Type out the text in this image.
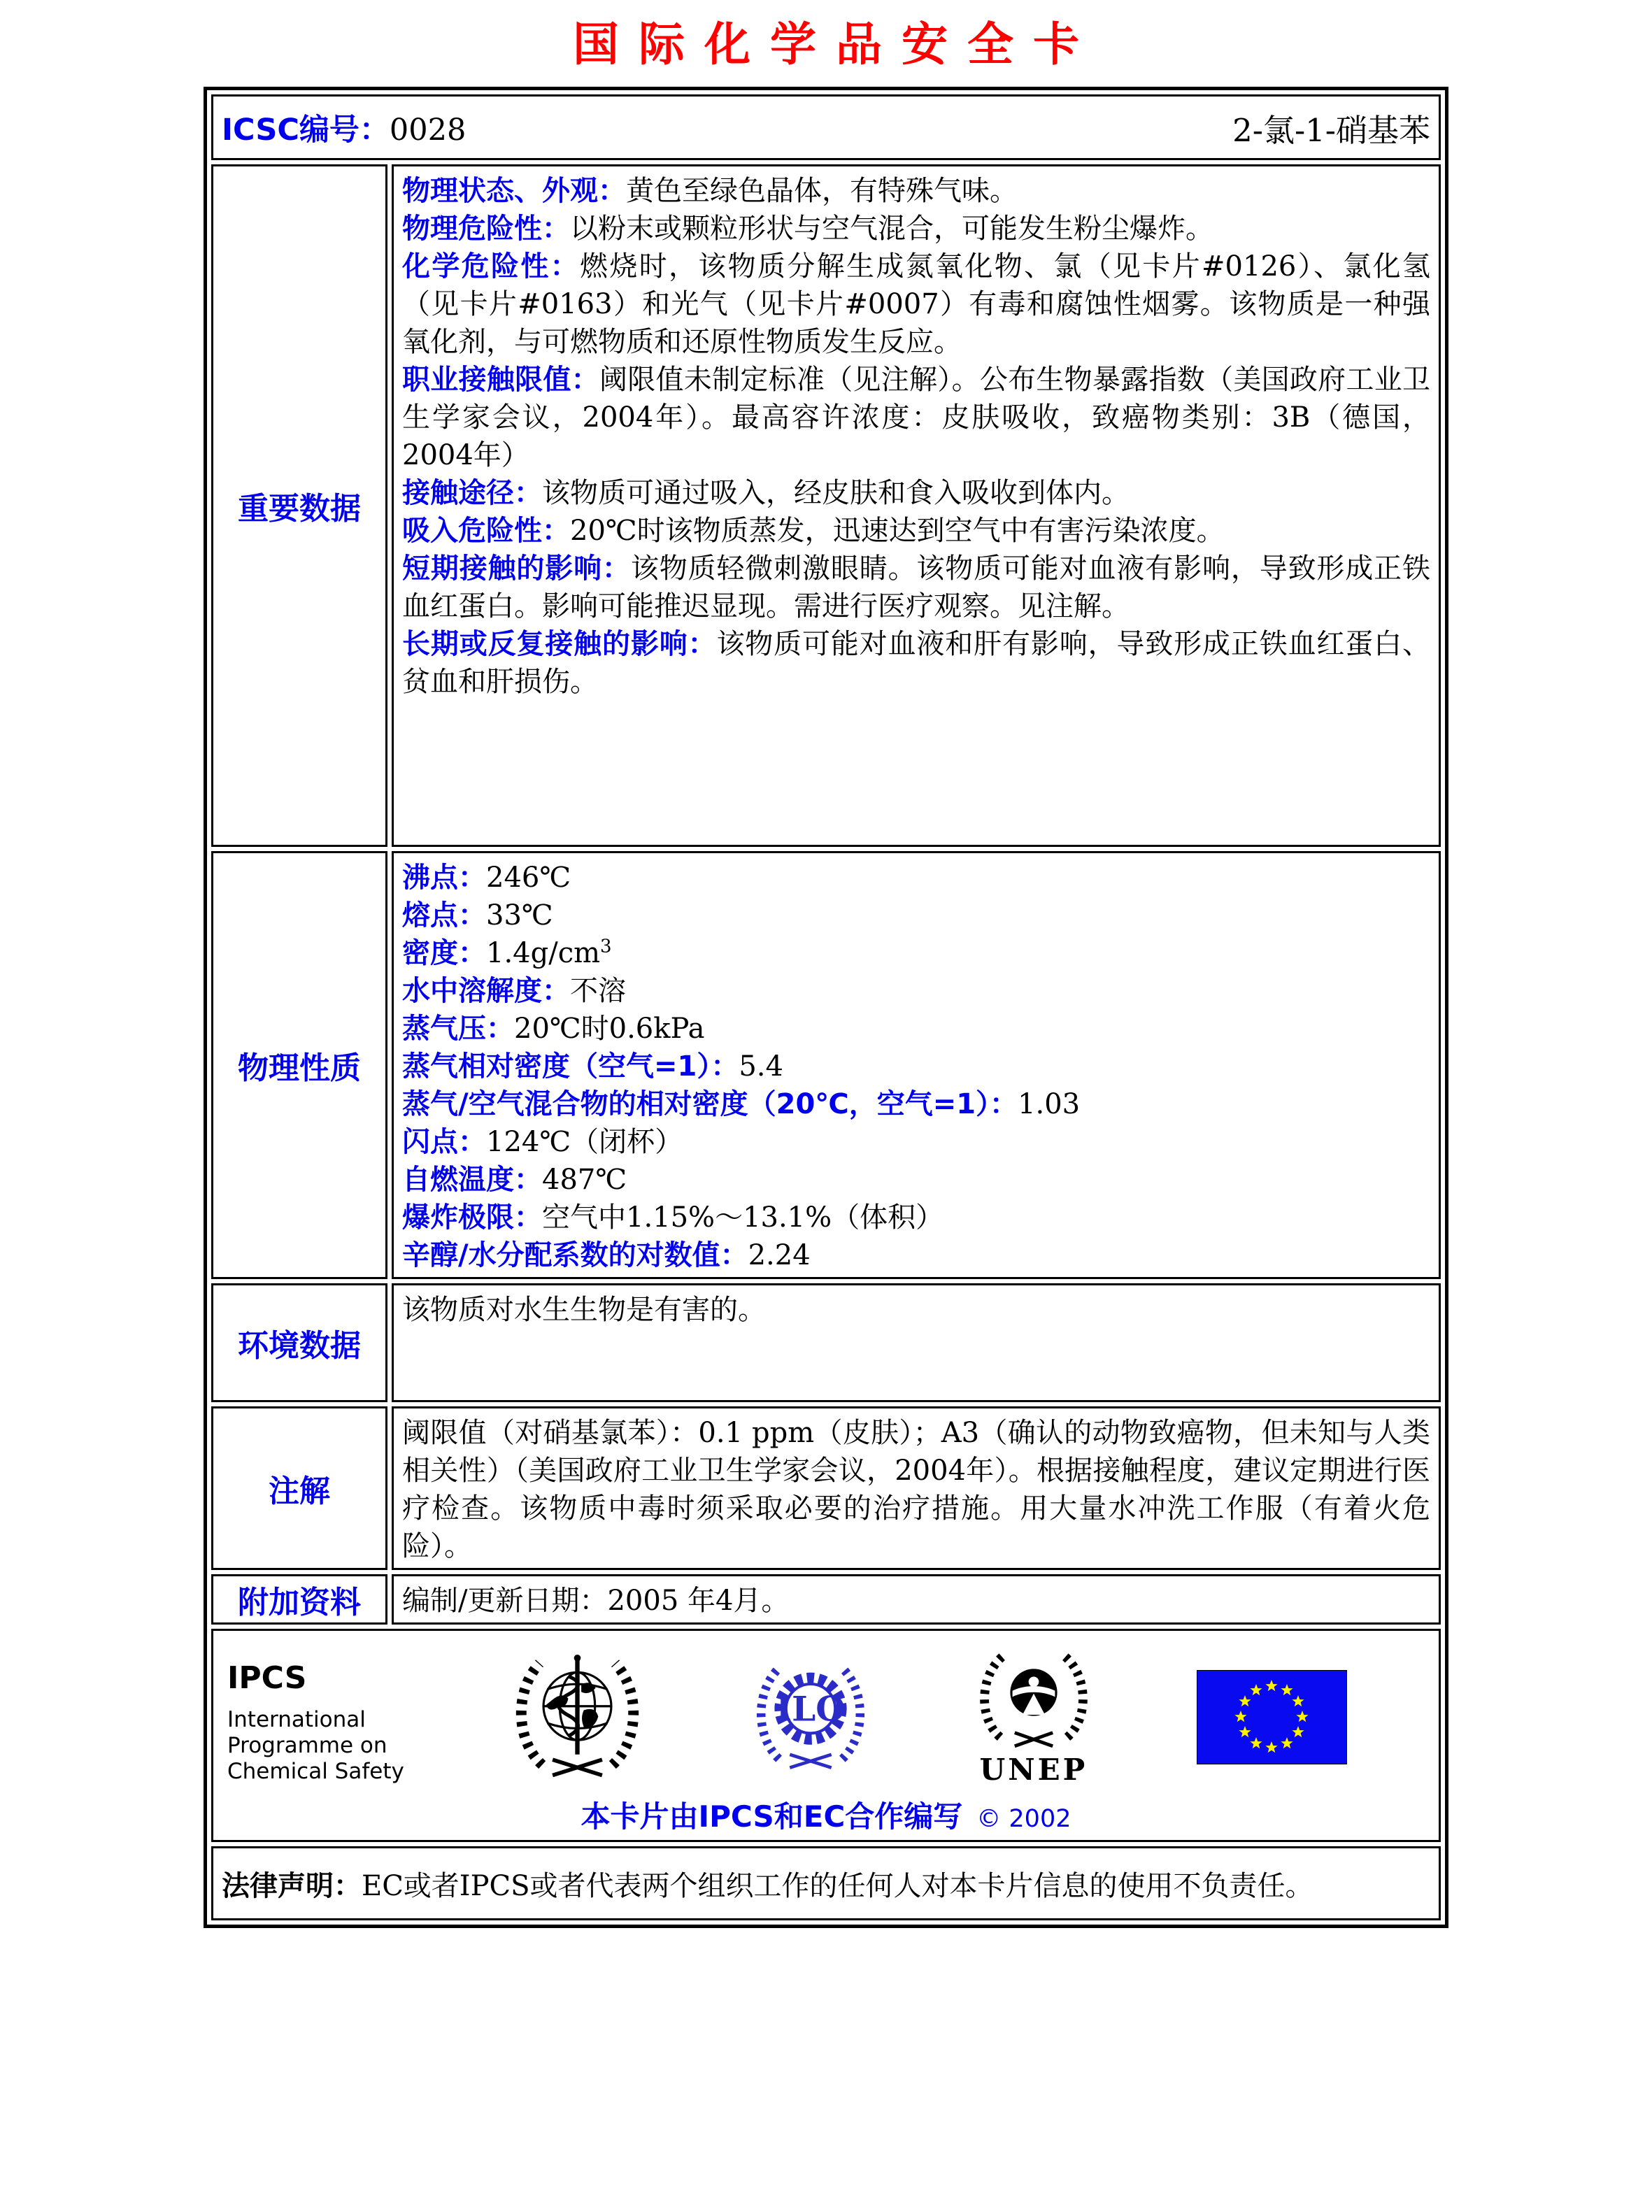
国际化学品安全卡
ICSC编号：0028 2-氯-1-硝基苯	

重要数据	

物理状态、外观：黄色至绿色晶体，有特殊气味。

物理危险性：以粉末或颗粒形状与空气混合，可能发生粉尘爆炸。

化学危险性：燃烧时，该物质分解生成氮氧化物、氯（见卡片#0126）、氯化氢（见卡片#0163）和光气（见卡片#0007）有毒和腐蚀性烟雾。该物质是一种强氧化剂，与可燃物质和还原性物质发生反应。

职业接触限值：阈限值未制定标准（见注解）。公布生物暴露指数（美国政府工业卫生学家会议，2004年）。最高容许浓度：皮肤吸收，致癌物类别：3B（德国，2004年）

接触途径：该物质可通过吸入，经皮肤和食入吸收到体内。

吸入危险性：20℃时该物质蒸发，迅速达到空气中有害污染浓度。

短期接触的影响：该物质轻微刺激眼睛。该物质可能对血液有影响，导致形成正铁血红蛋白。影响可能推迟显现。需进行医疗观察。见注解。

长期或反复接触的影响：该物质可能对血液和肝有影响，导致形成正铁血红蛋白、贫血和肝损伤。

物理性质	

沸点：246℃

熔点：33℃

密度：$1.4g/cm^3$

水中溶解度：不溶

蒸气压：20℃时0.6kPa

蒸气相对密度（空气=1）：5.4

蒸气/空气混合物的相对密度（20℃，空气=1）：1.03

闪点：124℃（闭杯）

自燃温度：487℃

爆炸极限：空气中1.15%～13.1%（体积）

辛醇/水分配系数的对数值：2.24

环境数据	该物质对水生生物是有害的。

注解	阈限值（对硝基氯苯）：0.1 ppm（皮肤）；A3（确认的动物致癌物，但未知与人类相关性）（美国政府工业卫生学家会议，2004年）。根据接触程度，建议定期进行医疗检查。该物质中毒时须采取必要的治疗措施。用大量水冲洗工作服（有着火危险）。

附加资料	编制/更新日期：2005 年4月。

IPCS
International
Programme on
Chemical Safety
ILO
UNEP
本卡片由IPCS和EC合作编写 © 2002

法律声明：EC或者IPCS或者代表两个组织工作的任何人对本卡片信息的使用不负责任。	
